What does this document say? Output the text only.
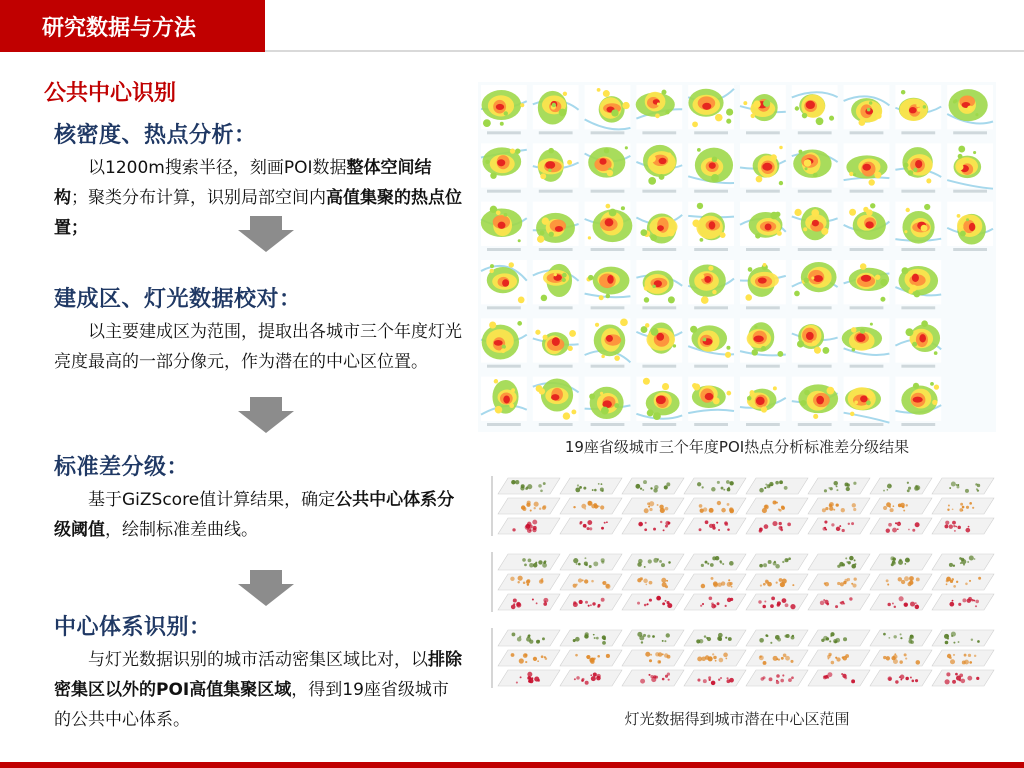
研究数据与方法
公共中心识别
核密度、热点分析：

以1200m搜索半径，刻画POI数据整体空间结构；聚类分布计算，识别局部空间内高值集聚的热点位置；

建成区、灯光数据校对：

以主要建成区为范围，提取出各城市三个年度灯光亮度最高的一部分像元，作为潜在的中心区位置。

标准差分级：

基于GiZScore值计算结果，确定公共中心体系分级阈值，绘制标准差曲线。

中心体系识别：

与灯光数据识别的城市活动密集区域比对，以排除密集区以外的POI高值集聚区域，得到19座省级城市的公共中心体系。

19座省级城市三个年度POI热点分析标准差分级结果
灯光数据得到城市潜在中心区范围
